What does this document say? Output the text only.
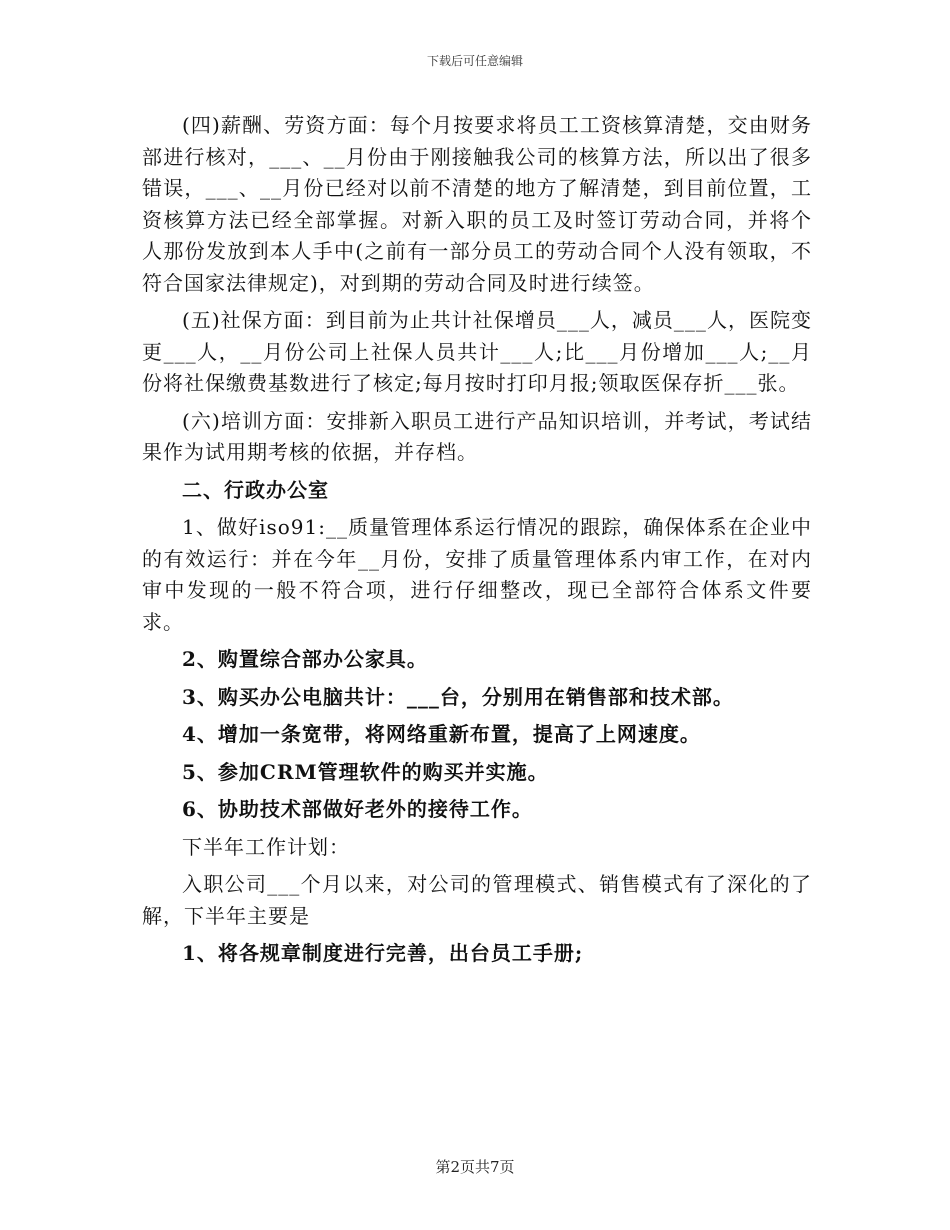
下载后可任意编辑

(四)薪酬、劳资方面：每个月按要求将员工工资核算清楚，交由财务部进行核对，___、__月份由于刚接触我公司的核算方法，所以出了很多错误，___、__月份已经对以前不清楚的地方了解清楚，到目前位置，工资核算方法已经全部掌握。对新入职的员工及时签订劳动合同，并将个人那份发放到本人手中(之前有一部分员工的劳动合同个人没有领取，不符合国家法律规定)，对到期的劳动合同及时进行续签。

(五)社保方面：到目前为止共计社保增员___人，减员___人，医院变更___人，__月份公司上社保人员共计___人;比___月份增加___人;__月份将社保缴费基数进行了核定;每月按时打印月报;领取医保存折___张。

(六)培训方面：安排新入职员工进行产品知识培训，并考试，考试结果作为试用期考核的依据，并存档。

二、行政办公室

1、做好iso91:__质量管理体系运行情况的跟踪，确保体系在企业中的有效运行：并在今年__月份，安排了质量管理体系内审工作，在对内审中发现的一般不符合项，进行仔细整改，现已全部符合体系文件要求。

2、购置综合部办公家具。
3、购买办公电脑共计：___台，分别用在销售部和技术部。
4、增加一条宽带，将网络重新布置，提高了上网速度。
5、参加CRM管理软件的购买并实施。
6、协助技术部做好老外的接待工作。

下半年工作计划：

入职公司___个月以来，对公司的管理模式、销售模式有了深化的了解，下半年主要是

1、将各规章制度进行完善，出台员工手册;
第2页共7页
